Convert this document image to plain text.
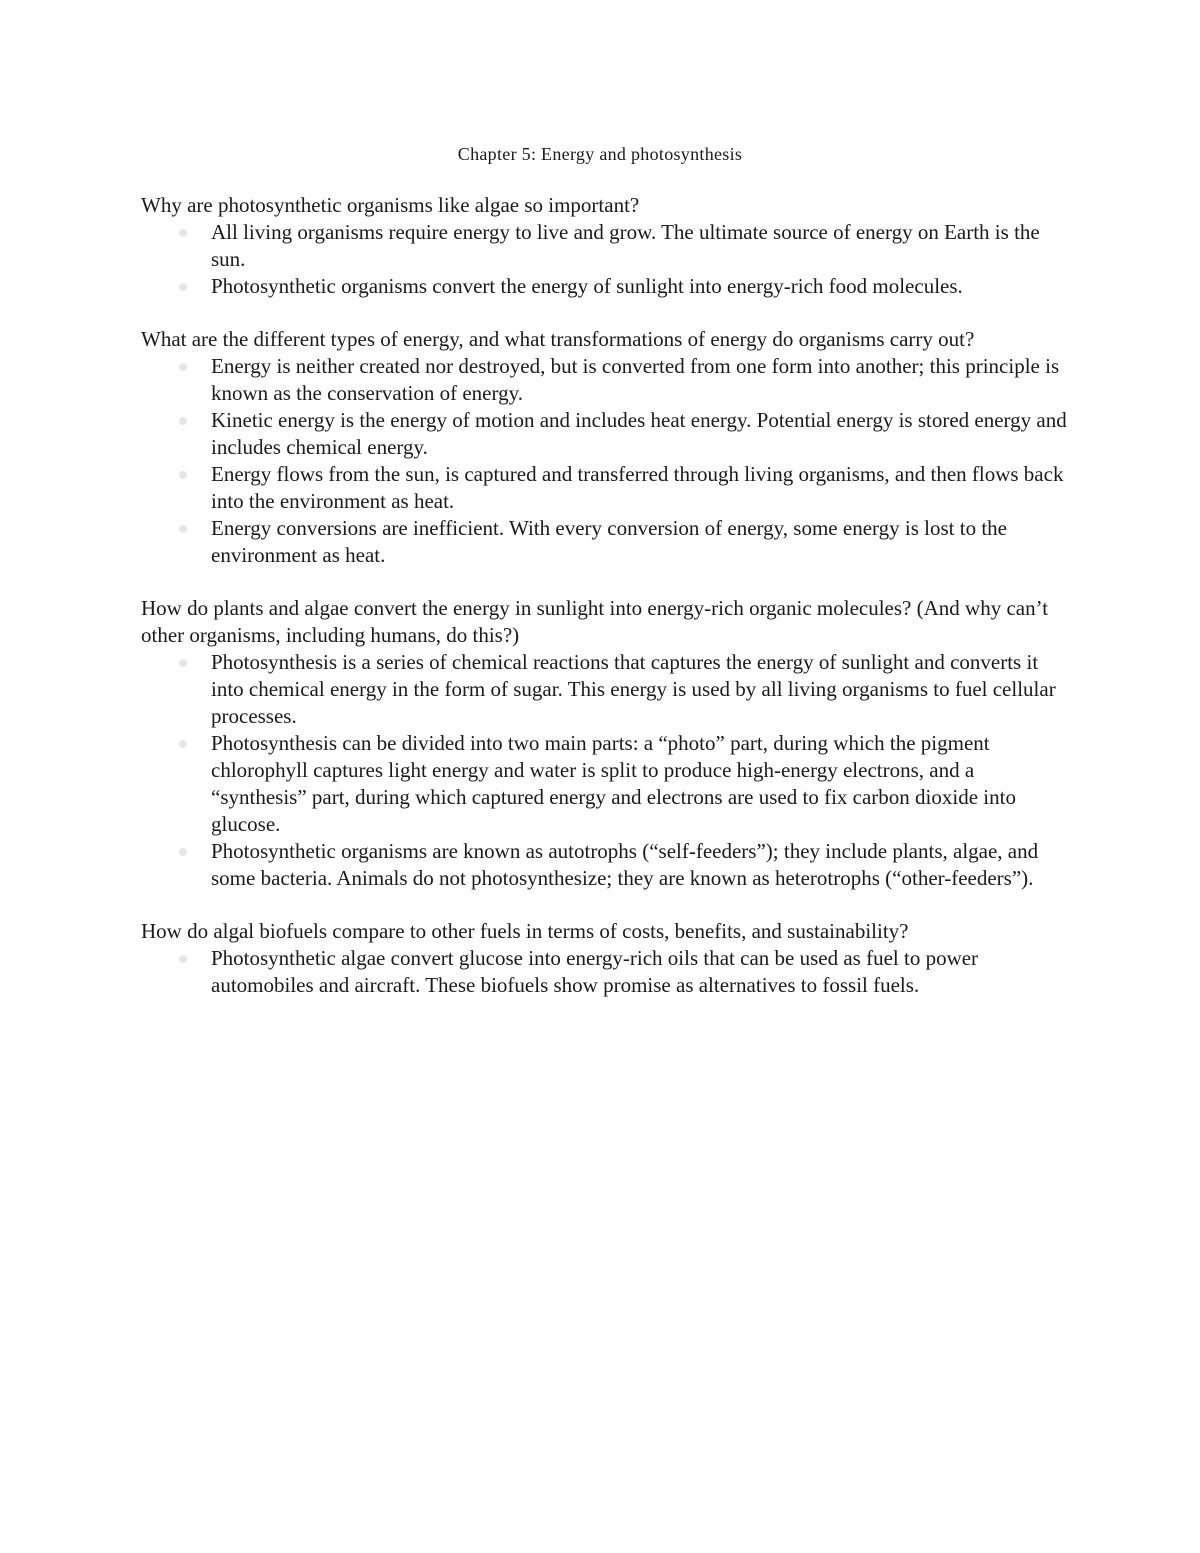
Chapter 5: Energy and photosynthesis

Why are photosynthetic organisms like algae so important?

All living organisms require energy to live and grow. The ultimate source of energy on Earth is the sun.
Photosynthetic organisms convert the energy of sunlight into energy-rich food molecules.

What are the different types of energy, and what transformations of energy do organisms carry out?

Energy is neither created nor destroyed, but is converted from one form into another; this principle is known as the conservation of energy.
Kinetic energy is the energy of motion and includes heat energy. Potential energy is stored energy and includes chemical energy.
Energy flows from the sun, is captured and transferred through living organisms, and then flows back into the environment as heat.
Energy conversions are inefficient. With every conversion of energy, some energy is lost to the environment as heat.

How do plants and algae convert the energy in sunlight into energy-rich organic molecules? (And why can’t other organisms, including humans, do this?)

Photosynthesis is a series of chemical reactions that captures the energy of sunlight and converts it into chemical energy in the form of sugar. This energy is used by all living organisms to fuel cellular processes.
Photosynthesis can be divided into two main parts: a “photo” part, during which the pigment chlorophyll captures light energy and water is split to produce high-energy electrons, and a “synthesis” part, during which captured energy and electrons are used to fix carbon dioxide into glucose.
Photosynthetic organisms are known as autotrophs (“self-feeders”); they include plants, algae, and some bacteria. Animals do not photosynthesize; they are known as heterotrophs (“other-feeders”).

How do algal biofuels compare to other fuels in terms of costs, benefits, and sustainability?

Photosynthetic algae convert glucose into energy-rich oils that can be used as fuel to power automobiles and aircraft. These biofuels show promise as alternatives to fossil fuels.
